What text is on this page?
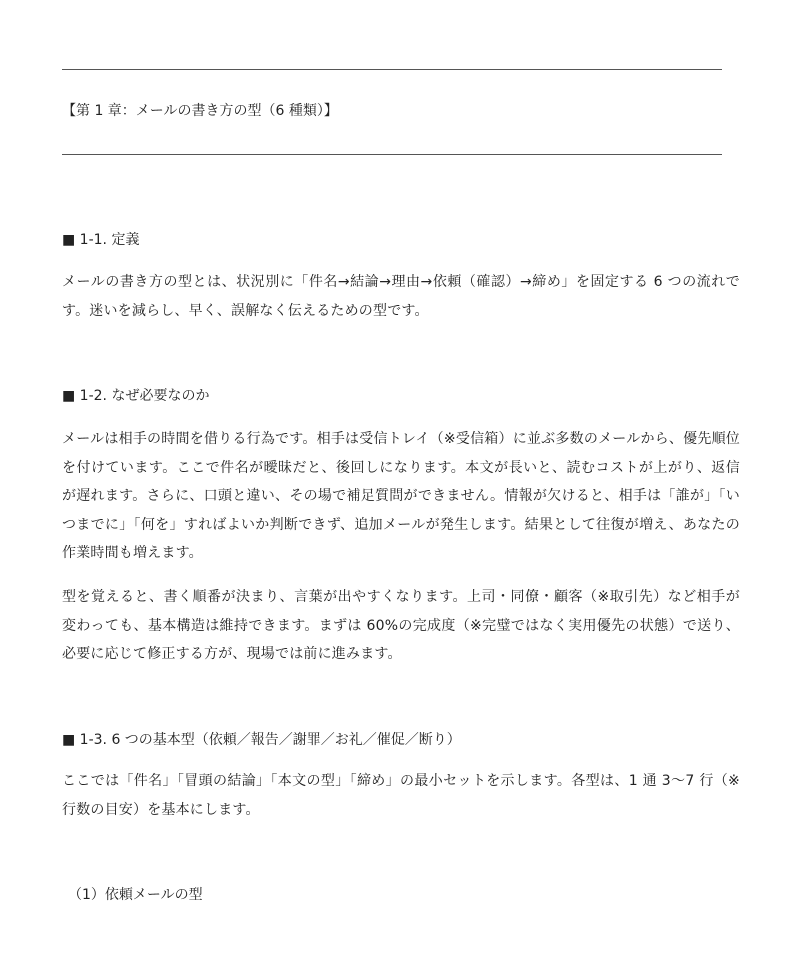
【第 1 章：メールの書き方の型（6 種類）】
■ 1-1. 定義
メールの書き方の型とは、状況別に「件名→結論→理由→依頼（確認）→締め」を固定する 6 つの流れです。迷いを減らし、早く、誤解なく伝えるための型です。
■ 1-2. なぜ必要なのか
メールは相手の時間を借りる行為です。相手は受信トレイ（※受信箱）に並ぶ多数のメールから、優先順位を付けています。ここで件名が曖昧だと、後回しになります。本文が長いと、読むコストが上がり、返信が遅れます。さらに、口頭と違い、その場で補足質問ができません。情報が欠けると、相手は「誰が」「いつまでに」「何を」すればよいか判断できず、追加メールが発生します。結果として往復が増え、あなたの作業時間も増えます。
型を覚えると、書く順番が決まり、言葉が出やすくなります。上司・同僚・顧客（※取引先）など相手が変わっても、基本構造は維持できます。まずは 60%の完成度（※完璧ではなく実用優先の状態）で送り、必要に応じて修正する方が、現場では前に進みます。
■ 1-3. 6 つの基本型（依頼／報告／謝罪／お礼／催促／断り）
ここでは「件名」「冒頭の結論」「本文の型」「締め」の最小セットを示します。各型は、1 通 3〜7 行（※行数の目安）を基本にします。
（1）依頼メールの型
